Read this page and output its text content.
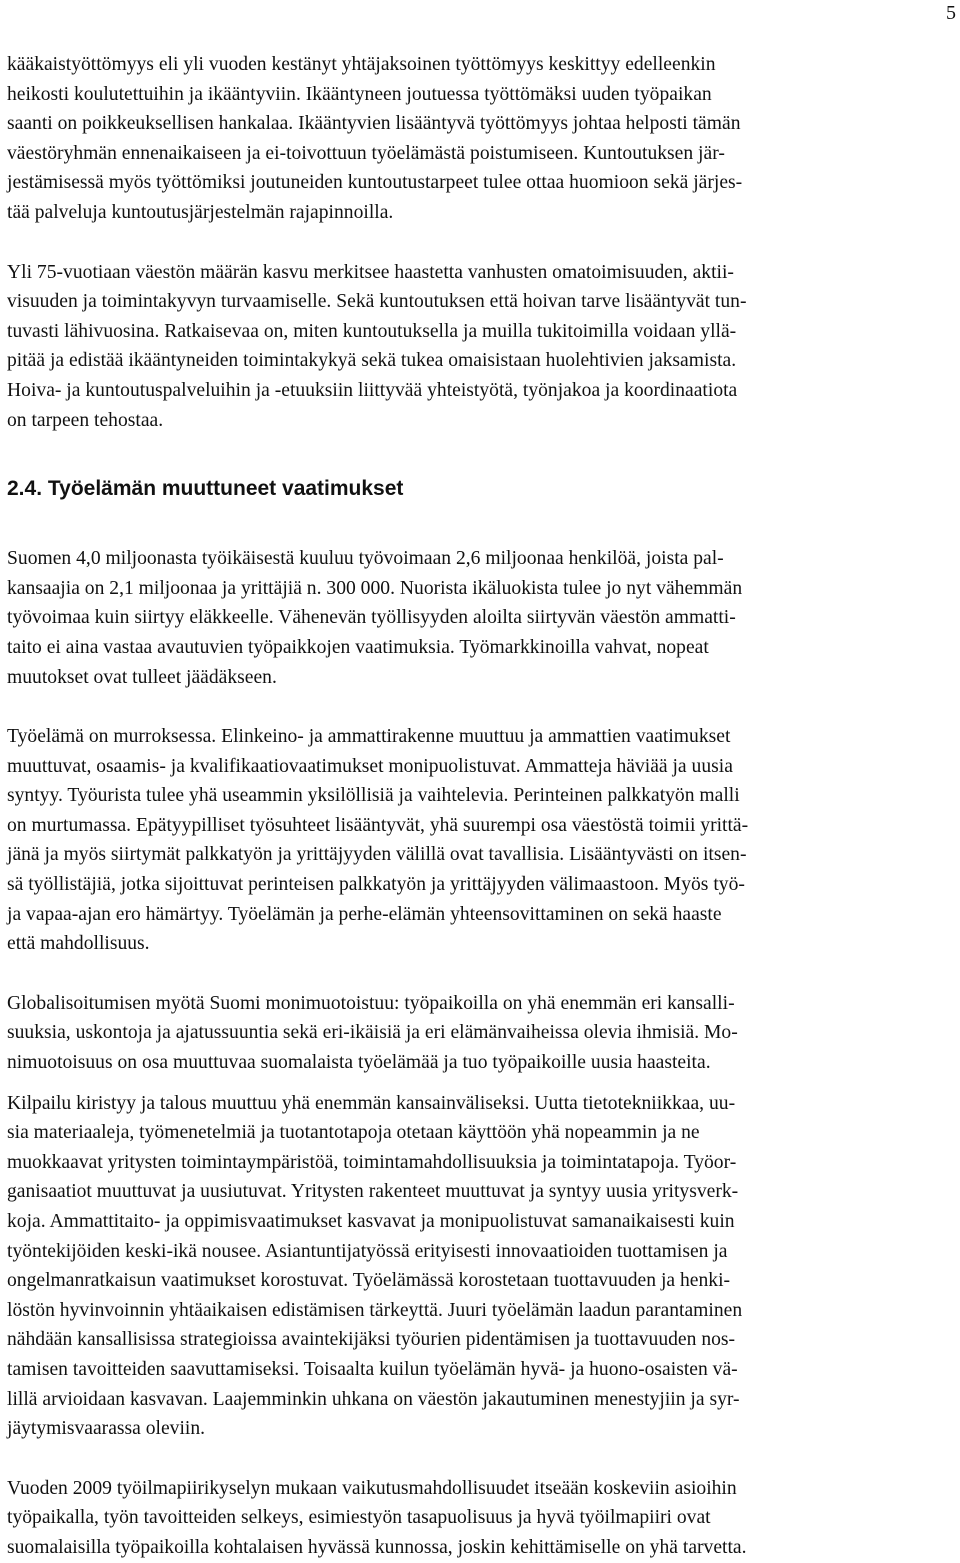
5

kääkaistyöttömyys eli yli vuoden kestänyt yhtäjaksoinen työttömyys keskittyy edelleenkin
heikosti koulutettuihin ja ikääntyviin. Ikääntyneen joutuessa työttömäksi uuden työpaikan
saanti on poikkeuksellisen hankalaa. Ikääntyvien lisääntyvä työttömyys johtaa helposti tämän
väestöryhmän ennenaikaiseen ja ei-toivottuun työelämästä poistumiseen. Kuntoutuksen jär-
jestämisessä myös työttömiksi joutuneiden kuntoutustarpeet tulee ottaa huomioon sekä järjes-
tää palveluja kuntoutusjärjestelmän rajapinnoilla.

Yli 75-vuotiaan väestön määrän kasvu merkitsee haastetta vanhusten omatoimisuuden, aktii-
visuuden ja toimintakyvyn turvaamiselle. Sekä kuntoutuksen että hoivan tarve lisääntyvät tun-
tuvasti lähivuosina. Ratkaisevaa on, miten kuntoutuksella ja muilla tukitoimilla voidaan yllä-
pitää ja edistää ikääntyneiden toimintakykyä sekä tukea omaisistaan huolehtivien jaksamista.
Hoiva- ja kuntoutuspalveluihin ja -etuuksiin liittyvää yhteistyötä, työnjakoa ja koordinaatiota
on tarpeen tehostaa.

2.4. Työelämän muuttuneet vaatimukset

Suomen 4,0 miljoonasta työikäisestä kuuluu työvoimaan 2,6 miljoonaa henkilöä, joista pal-
kansaajia on 2,1 miljoonaa ja yrittäjiä n. 300 000. Nuorista ikäluokista tulee jo nyt vähemmän
työvoimaa kuin siirtyy eläkkeelle. Vähenevän työllisyyden aloilta siirtyvän väestön ammatti-
taito ei aina vastaa avautuvien työpaikkojen vaatimuksia. Työmarkkinoilla vahvat, nopeat
muutokset ovat tulleet jäädäkseen.

Työelämä on murroksessa. Elinkeino- ja ammattirakenne muuttuu ja ammattien vaatimukset
muuttuvat, osaamis- ja kvalifikaatiovaatimukset monipuolistuvat. Ammatteja häviää ja uusia
syntyy. Työurista tulee yhä useammin yksilöllisiä ja vaihtelevia. Perinteinen palkkatyön malli
on murtumassa. Epätyypilliset työsuhteet lisääntyvät, yhä suurempi osa väestöstä toimii yrittä-
jänä ja myös siirtymät palkkatyön ja yrittäjyyden välillä ovat tavallisia. Lisääntyvästi on itsen-
sä työllistäjiä, jotka sijoittuvat perinteisen palkkatyön ja yrittäjyyden välimaastoon. Myös työ-
ja vapaa-ajan ero hämärtyy. Työelämän ja perhe-elämän yhteensovittaminen on sekä haaste
että mahdollisuus.

Globalisoitumisen myötä Suomi monimuotoistuu: työpaikoilla on yhä enemmän eri kansalli-
suuksia, uskontoja ja ajatussuuntia sekä eri-ikäisiä ja eri elämänvaiheissa olevia ihmisiä. Mo-
nimuotoisuus on osa muuttuvaa suomalaista työelämää ja tuo työpaikoille uusia haasteita.

Kilpailu kiristyy ja talous muuttuu yhä enemmän kansainväliseksi. Uutta tietotekniikkaa, uu-
sia materiaaleja, työmenetelmiä ja tuotantotapoja otetaan käyttöön yhä nopeammin ja ne
muokkaavat yritysten toimintaympäristöä, toimintamahdollisuuksia ja toimintatapoja. Työor-
ganisaatiot muuttuvat ja uusiutuvat. Yritysten rakenteet muuttuvat ja syntyy uusia yritysverk-
koja. Ammattitaito- ja oppimisvaatimukset kasvavat ja monipuolistuvat samanaikaisesti kuin
työntekijöiden keski-ikä nousee. Asiantuntijatyössä erityisesti innovaatioiden tuottamisen ja
ongelmanratkaisun vaatimukset korostuvat. Työelämässä korostetaan tuottavuuden ja henki-
löstön hyvinvoinnin yhtäaikaisen edistämisen tärkeyttä. Juuri työelämän laadun parantaminen
nähdään kansallisissa strategioissa avaintekijäksi työurien pidentämisen ja tuottavuuden nos-
tamisen tavoitteiden saavuttamiseksi. Toisaalta kuilun työelämän hyvä- ja huono-osaisten vä-
lillä arvioidaan kasvavan. Laajemminkin uhkana on väestön jakautuminen menestyjiin ja syr-
jäytymisvaarassa oleviin.

Vuoden 2009 työilmapiirikyselyn mukaan vaikutusmahdollisuudet itseään koskeviin asioihin
työpaikalla, työn tavoitteiden selkeys, esimiestyön tasapuolisuus ja hyvä työilmapiiri ovat
suomalaisilla työpaikoilla kohtalaisen hyvässä kunnossa, joskin kehittämiselle on yhä tarvetta.
